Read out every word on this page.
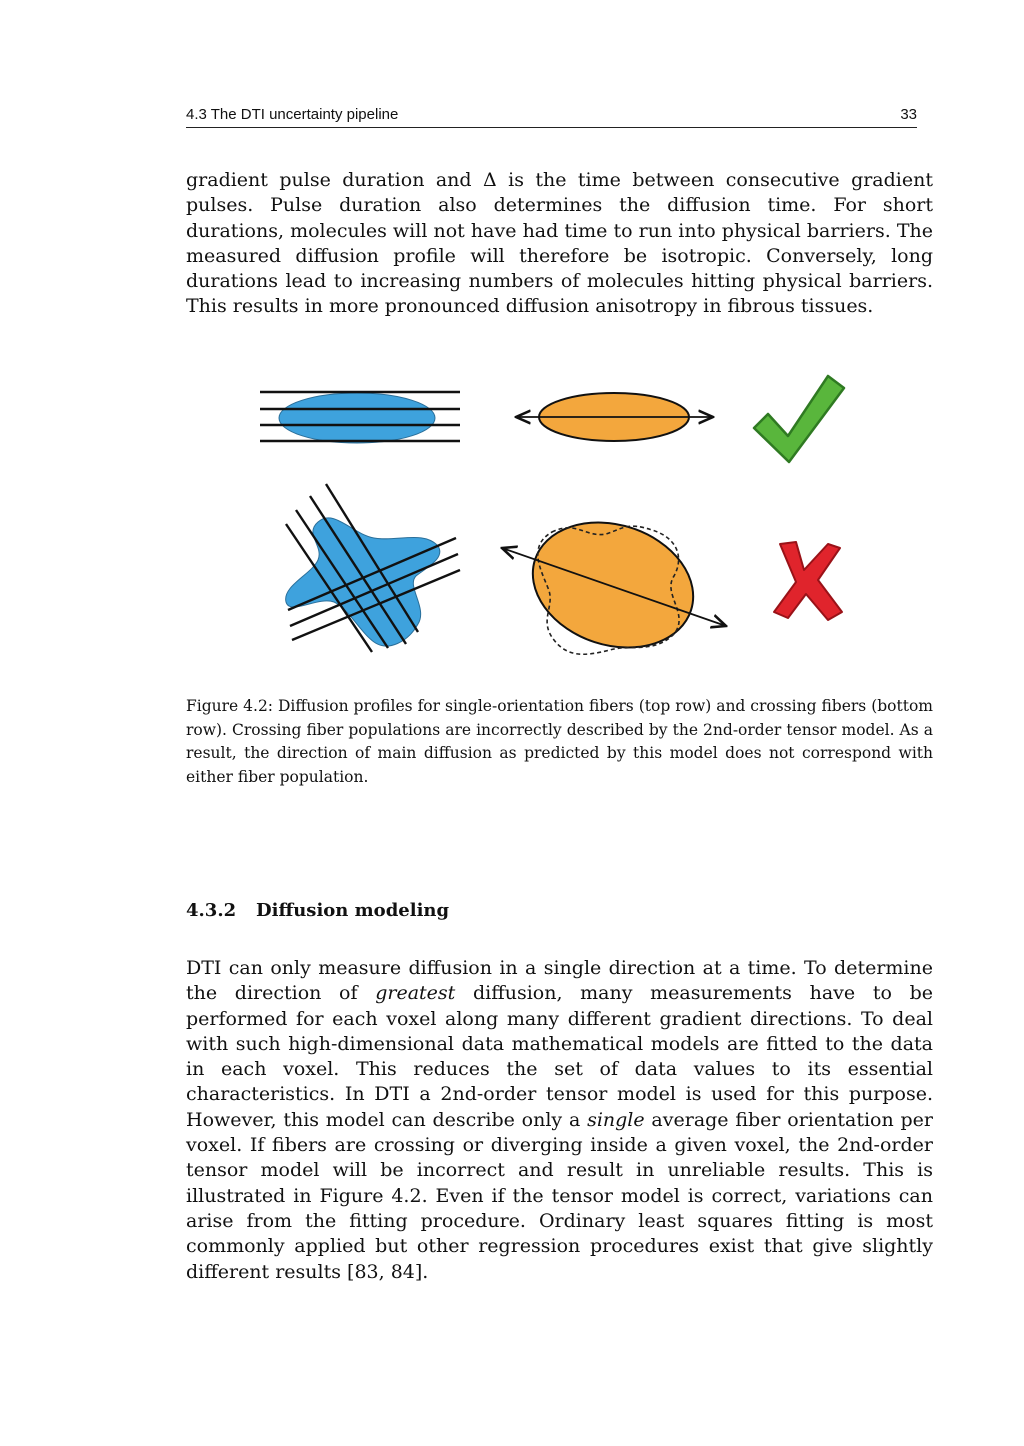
4.3 The DTI uncertainty pipeline	33

gradient pulse duration and Δ is the time between consecutive gradient pulses. Pulse duration also determines the diffusion time. For short durations, molecules will not have had time to run into physical barriers. The measured diffusion profile will therefore be isotropic. Conversely, long durations lead to increasing numbers of molecules hitting physical barriers. This results in more pronounced diffusion anisotropy in fibrous tissues.

Figure 4.2: Diffusion profiles for single-orientation fibers (top row) and crossing fibers (bottom row). Crossing fiber populations are incorrectly described by the 2nd-order tensor model. As a result, the direction of main diffusion as predicted by this model does not correspond with either fiber population.

4.3.2 Diffusion modeling

DTI can only measure diffusion in a single direction at a time. To determine the direction of greatest diffusion, many measurements have to be performed for each voxel along many different gradient directions. To deal with such high-dimensional data mathematical models are fitted to the data in each voxel. This reduces the set of data values to its essential characteristics. In DTI a 2nd-order tensor model is used for this purpose. However, this model can describe only a single average fiber orientation per voxel. If fibers are crossing or diverging inside a given voxel, the 2nd-order tensor model will be incorrect and result in unreliable results. This is illustrated in Figure 4.2. Even if the tensor model is correct, variations can arise from the fitting procedure. Ordinary least squares fitting is most commonly applied but other regression procedures exist that give slightly different results [83, 84].
